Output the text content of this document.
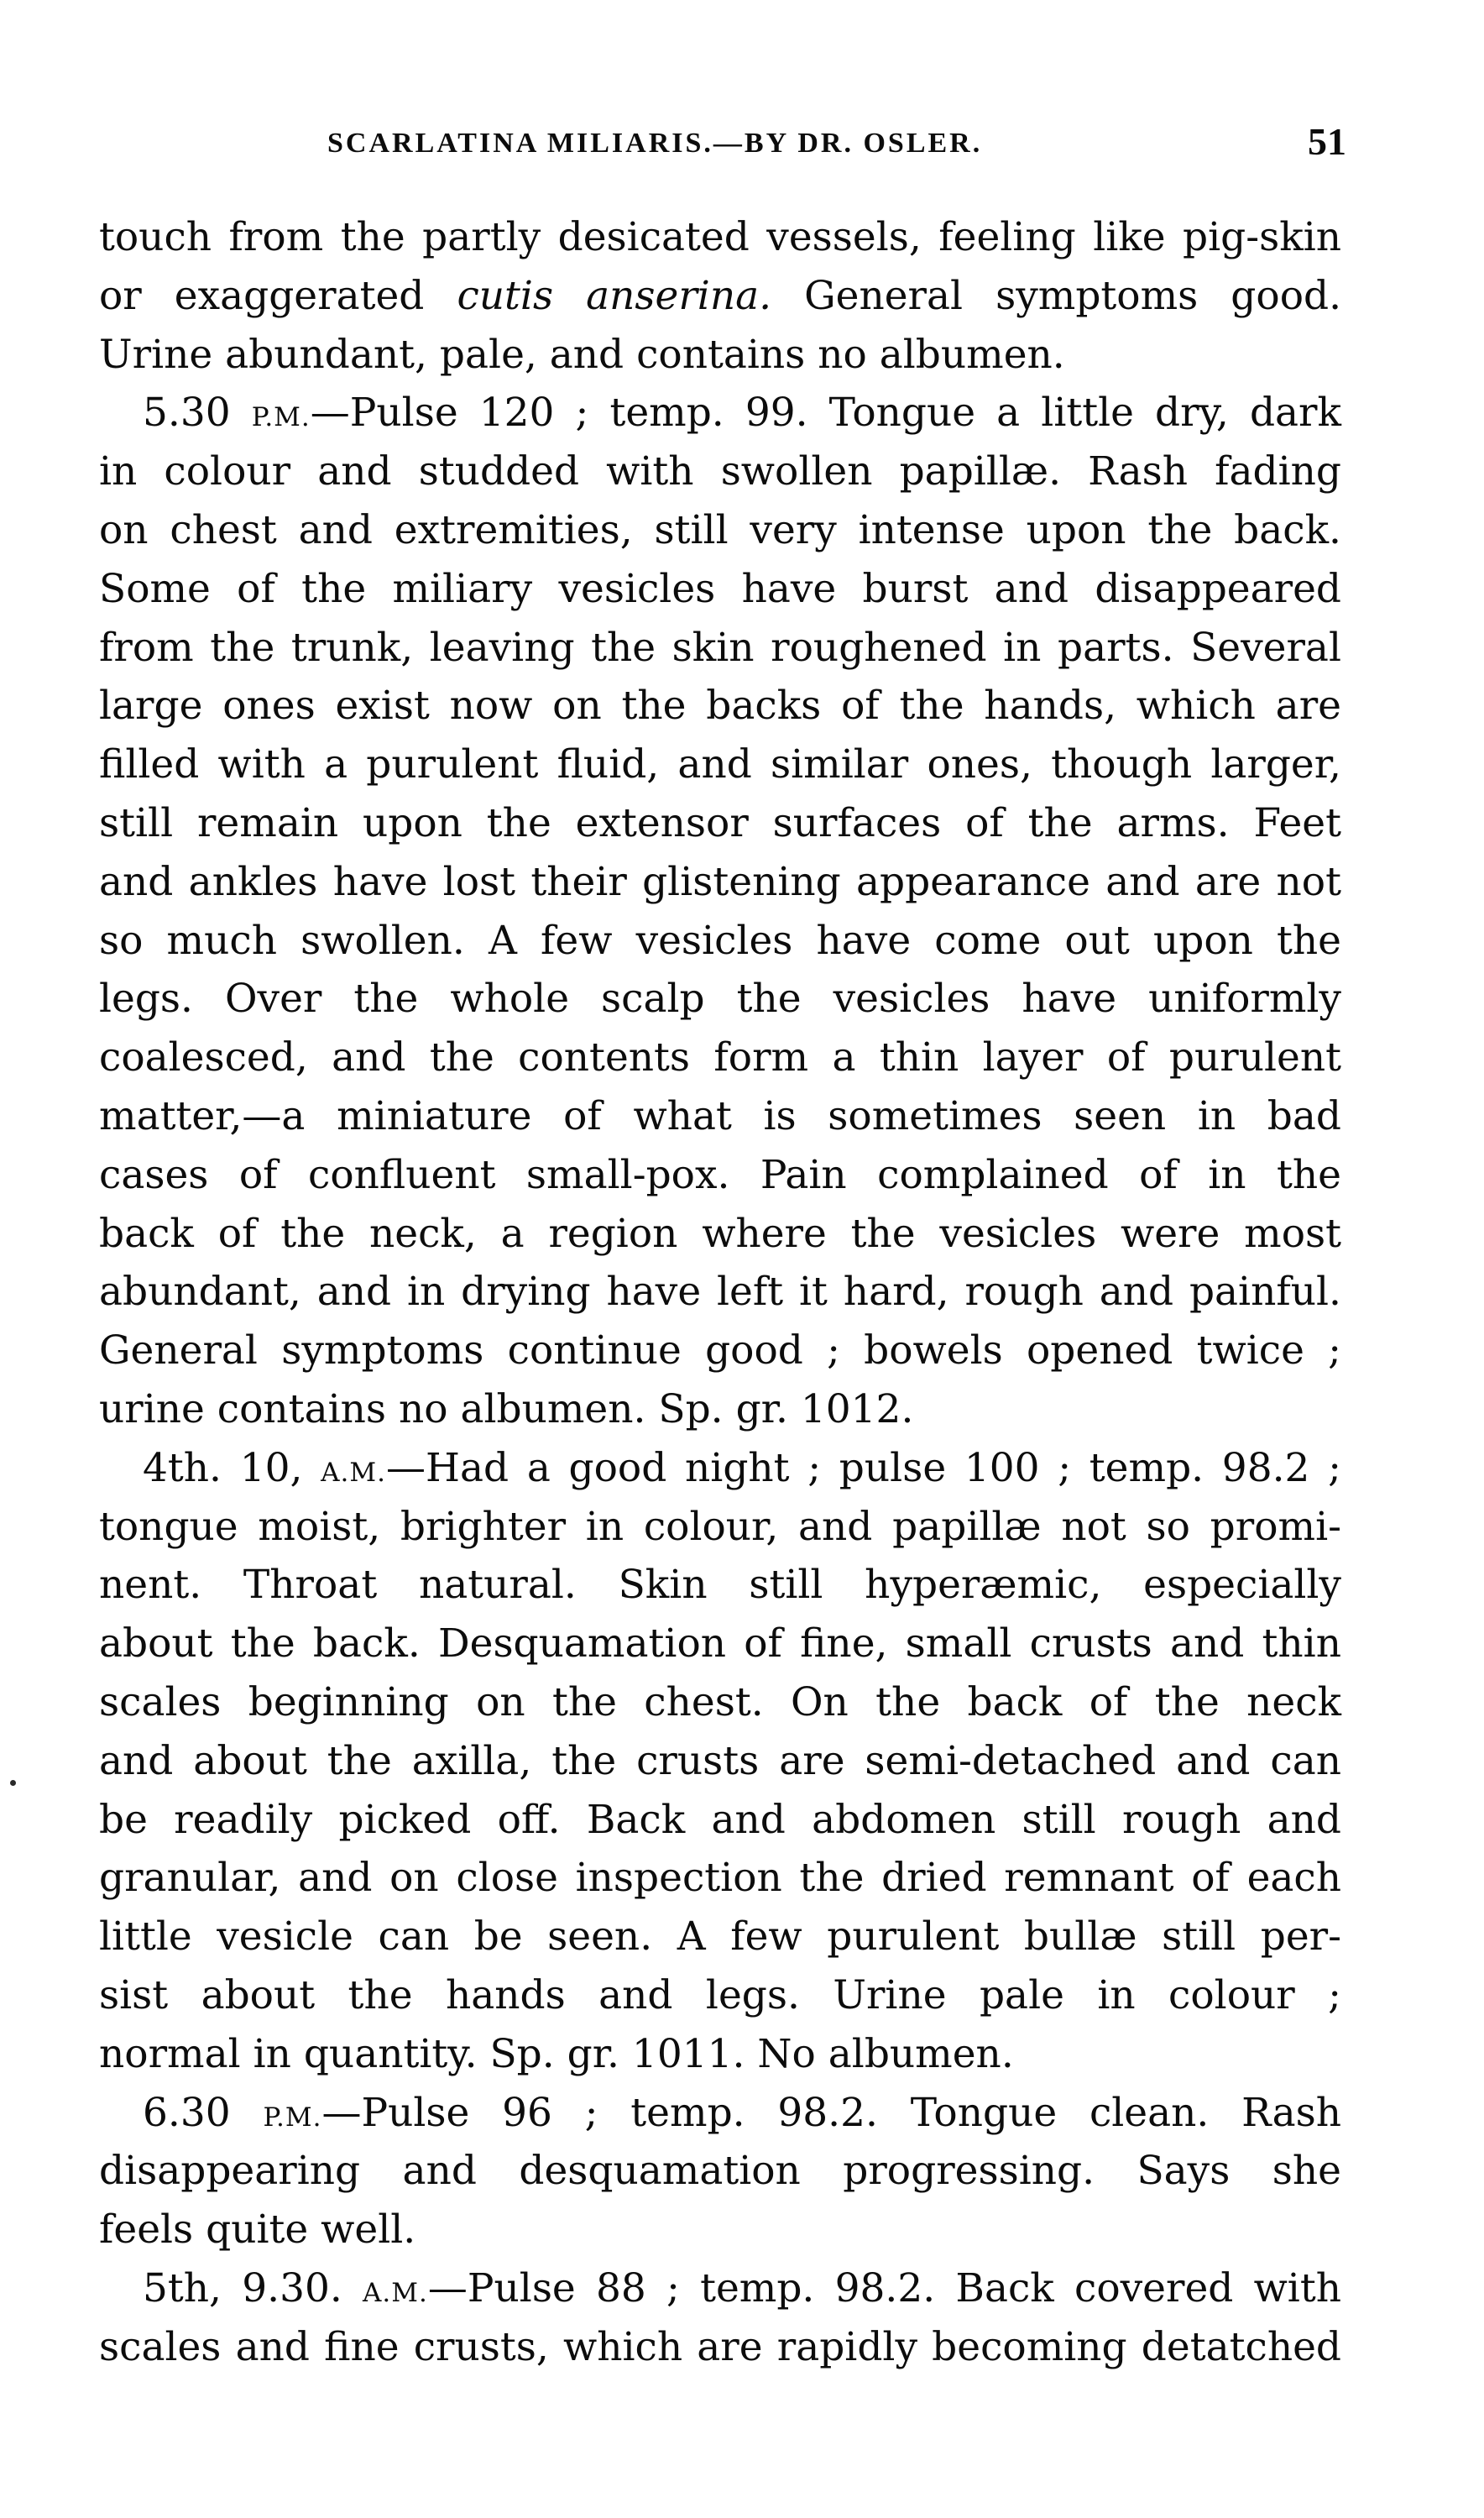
SCARLATINA MILIARIS.—BY DR. OSLER.	51
touch from the partly desicated vessels, feeling like pig-skin
or exaggerated cutis anserina. General symptoms good.
Urine abundant, pale, and contains no albumen.
5.30 P.M.—Pulse 120 ; temp. 99. Tongue a little dry, dark
in colour and studded with swollen papillæ. Rash fading
on chest and extremities, still very intense upon the back.
Some of the miliary vesicles have burst and disappeared
from the trunk, leaving the skin roughened in parts. Several
large ones exist now on the backs of the hands, which are
filled with a purulent fluid, and similar ones, though larger,
still remain upon the extensor surfaces of the arms. Feet
and ankles have lost their glistening appearance and are not
so much swollen. A few vesicles have come out upon the
legs. Over the whole scalp the vesicles have uniformly
coalesced, and the contents form a thin layer of purulent
matter,—a miniature of what is sometimes seen in bad
cases of confluent small-pox. Pain complained of in the
back of the neck, a region where the vesicles were most
abundant, and in drying have left it hard, rough and painful.
General symptoms continue good ; bowels opened twice ;
urine contains no albumen. Sp. gr. 1012.
4th. 10, A.M.—Had a good night ; pulse 100 ; temp. 98.2 ;
tongue moist, brighter in colour, and papillæ not so promi-
nent. Throat natural. Skin still hyperæmic, especially
about the back. Desquamation of fine, small crusts and thin
scales beginning on the chest. On the back of the neck
and about the axilla, the crusts are semi-detached and can
be readily picked off. Back and abdomen still rough and
granular, and on close inspection the dried remnant of each
little vesicle can be seen. A few purulent bullæ still per-
sist about the hands and legs. Urine pale in colour ;
normal in quantity. Sp. gr. 1011. No albumen.
6.30 P.M.—Pulse 96 ; temp. 98.2. Tongue clean. Rash
disappearing and desquamation progressing. Says she
feels quite well.
5th, 9.30. A.M.—Pulse 88 ; temp. 98.2. Back covered with
scales and fine crusts, which are rapidly becoming detatched
